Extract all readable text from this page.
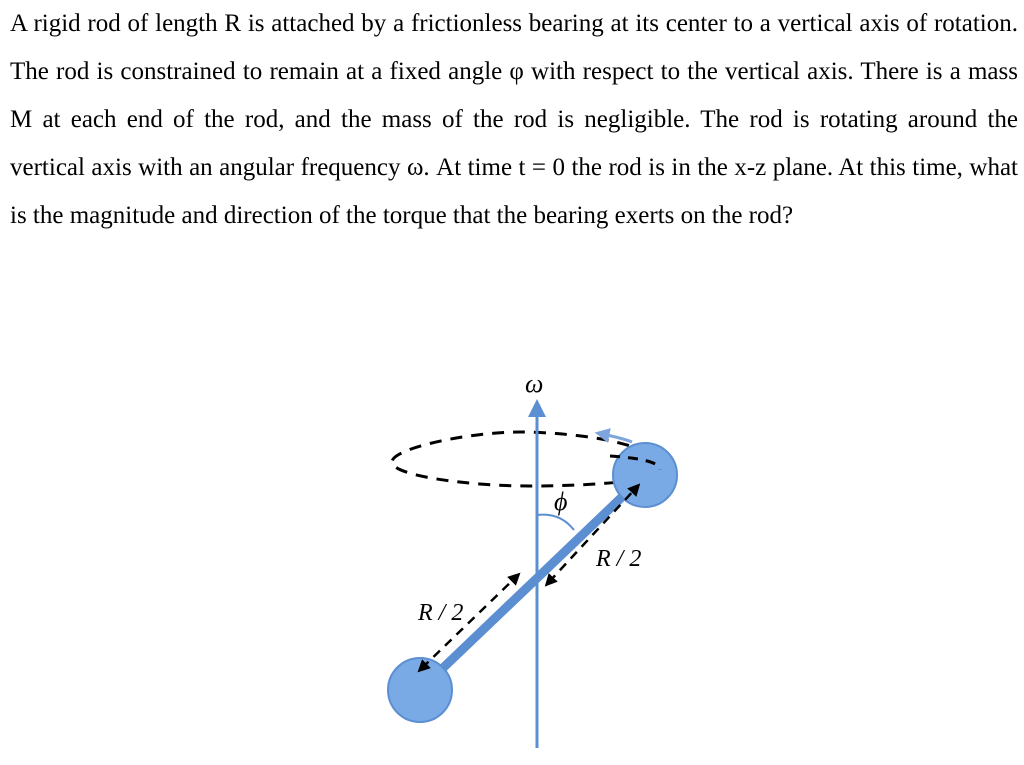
A rigid rod of length R is attached by a frictionless bearing at its center to a vertical axis of rotation. The rod is constrained to remain at a fixed angle φ with respect to the vertical axis. There is a mass M at each end of the rod, and the mass of the rod is negligible. The rod is rotating around the vertical axis with an angular frequency ω. At time t = 0 the rod is in the x-z plane. At this time, what is the magnitude and direction of the torque that the bearing exerts on the rod?

ω
ϕ
R / 2
R / 2
